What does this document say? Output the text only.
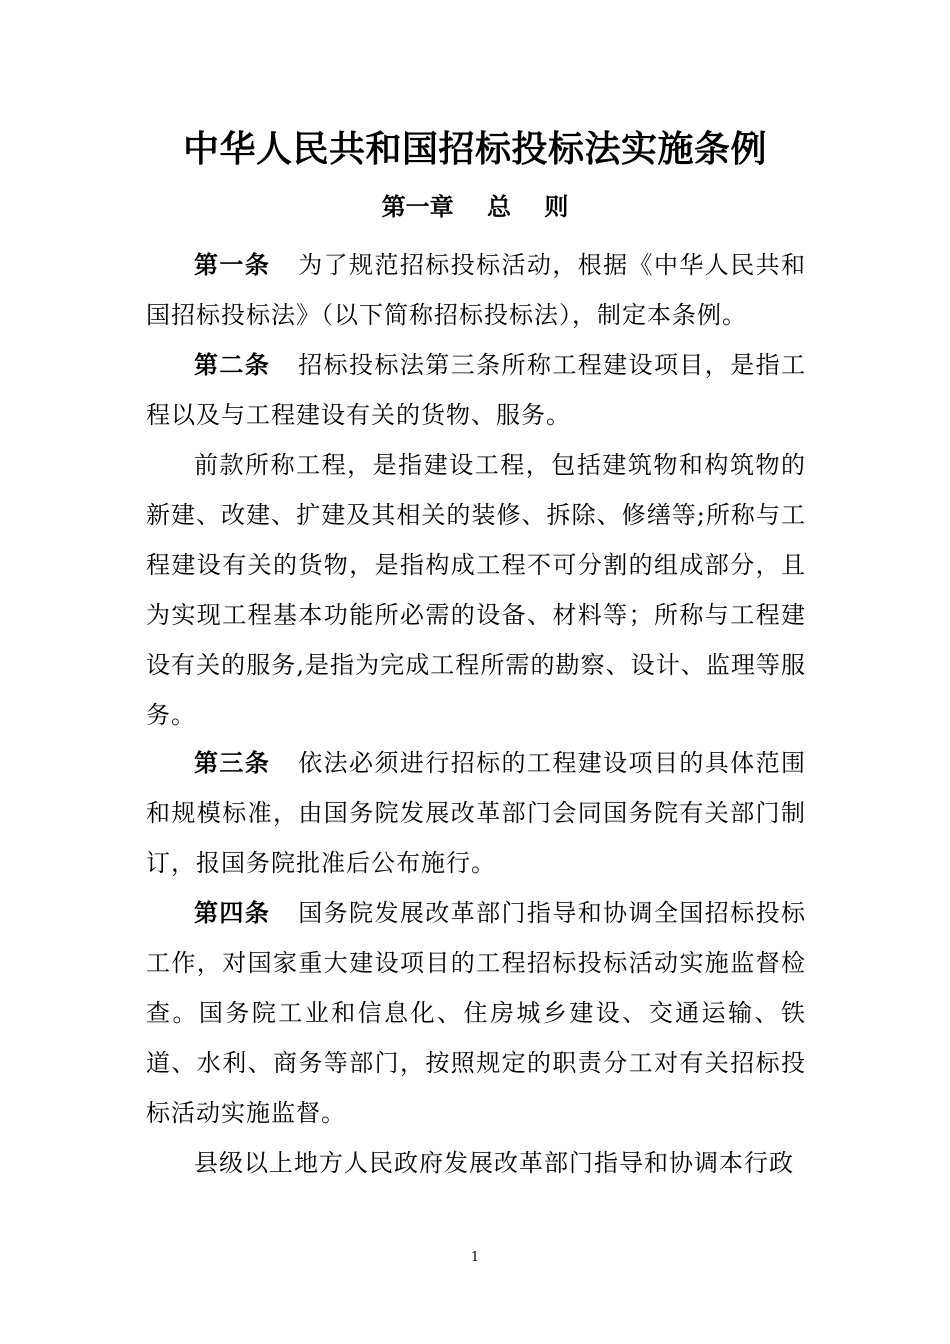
中华人民共和国招标投标法实施条例
第一章    总    则

第一条 为了规范招标投标活动，根据《中华人民共和国招标投标法》（以下简称招标投标法），制定本条例。

第二条 招标投标法第三条所称工程建设项目，是指工程以及与工程建设有关的货物、服务。

前款所称工程，是指建设工程，包括建筑物和构筑物的新建、改建、扩建及其相关的装修、拆除、修缮等;所称与工程建设有关的货物，是指构成工程不可分割的组成部分，且为实现工程基本功能所必需的设备、材料等；所称与工程建设有关的服务,是指为完成工程所需的勘察、设计、监理等服务。

第三条 依法必须进行招标的工程建设项目的具体范围和规模标准，由国务院发展改革部门会同国务院有关部门制订，报国务院批准后公布施行。

第四条 国务院发展改革部门指导和协调全国招标投标工作，对国家重大建设项目的工程招标投标活动实施监督检查。国务院工业和信息化、住房城乡建设、交通运输、铁道、水利、商务等部门，按照规定的职责分工对有关招标投标活动实施监督。

县级以上地方人民政府发展改革部门指导和协调本行政

1
